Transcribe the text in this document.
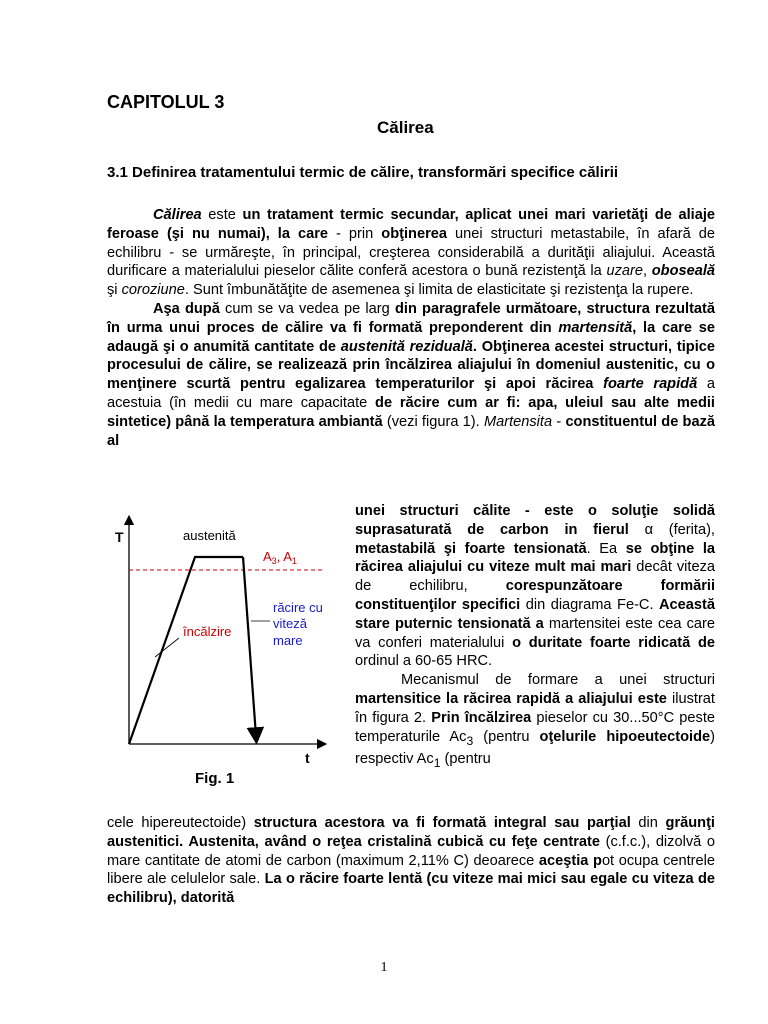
CAPITOLUL 3
Călirea
3.1 Definirea tratamentului termic de călire, transformări specifice călirii

Călirea este un tratament termic secundar, aplicat unei mari varietăţi de aliaje feroase (şi nu numai), la care - prin obţinerea unei structuri metastabile, în afară de echilibru - se urmăreşte, în principal, creşterea considerabilă a durităţii aliajului. Această durificare a materialului pieselor călite conferă acestora o bună rezistenţă la uzare, oboseală şi coroziune. Sunt îmbunătăţite de asemenea şi limita de elasticitate şi rezistenţa la rupere.

Aşa după cum se va vedea pe larg din paragrafele următoare, structura rezultată în urma unui proces de călire va fi formată preponderent din martensită, la care se adaugă şi o anumită cantitate de austenită reziduală. Obţinerea acestei structuri, tipice procesului de călire, se realizează prin încălzirea aliajului în domeniul austenitic, cu o menţinere scurtă pentru egalizarea temperaturilor şi apoi răcirea foarte rapidă a acestuia (în medii cu mare capacitate de răcire cum ar fi: apa, uleiul sau alte medii sintetice) până la temperatura ambiantă (vezi figura 1). Martensita - constituentul de bază al

T
t
austenită
$A_3$, $A_1$
încălzire
răcire cu
viteză
mare

Fig. 1

unei structuri călite - este o soluţie solidă suprasaturată de carbon in fierul α (ferita), metastabilă şi foarte tensionată. Ea se obţine la răcirea aliajului cu viteze mult mai mari decât viteza de echilibru, corespunzătoare formării constituenţilor specifici din diagrama Fe-C. Această stare puternic tensionată a martensitei este cea care va conferi materialului o duritate foarte ridicată de ordinul a 60-65 HRC.

Mecanismul de formare a unei structuri martensitice la răcirea rapidă a aliajului este ilustrat în figura 2. Prin încălzirea pieselor cu 30...50°C peste temperaturile $Ac_3$ (pentru oţelurile hipoeutectoide) respectiv $Ac_1$ (pentru

cele hipereutectoide) structura acestora va fi formată integral sau parţial din grăunţi austenitici. Austenita, având o reţea cristalină cubică cu feţe centrate (c.f.c.), dizolvă o mare cantitate de atomi de carbon (maximum 2,11% C) deoarece aceştia pot ocupa centrele libere ale celulelor sale. La o răcire foarte lentă (cu viteze mai mici sau egale cu viteza de echilibru), datorită

1
